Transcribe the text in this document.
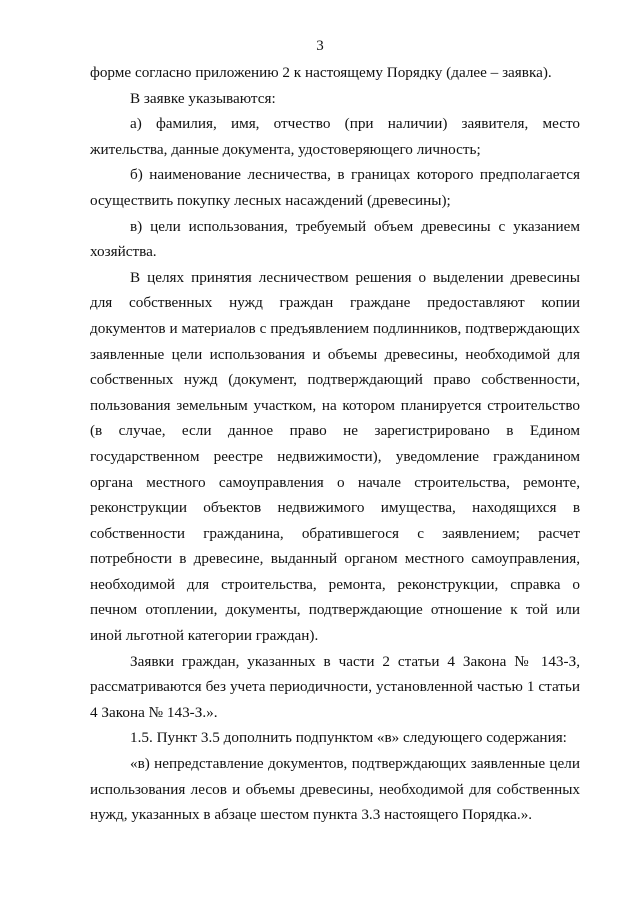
3

форме согласно приложению 2 к настоящему Порядку (далее – заявка).

В заявке указываются:

а) фамилия, имя, отчество (при наличии) заявителя, место жительства, данные документа, удостоверяющего личность;

б) наименование лесничества, в границах которого предполагается осуществить покупку лесных насаждений (древесины);

в) цели использования, требуемый объем древесины с указанием хозяйства.

В целях принятия лесничеством решения о выделении древесины для собственных нужд граждан граждане предоставляют копии документов и материалов с предъявлением подлинников, подтверждающих заявленные цели использования и объемы древесины, необходимой для собственных нужд (документ, подтверждающий право собственности, пользования земельным участком, на котором планируется строительство (в случае, если данное право не зарегистрировано в Едином государственном реестре недвижимости), уведомление гражданином органа местного самоуправления о начале строительства, ремонте, реконструкции объектов недвижимого имущества, находящихся в собственности гражданина, обратившегося с заявлением; расчет потребности в древесине, выданный органом местного самоуправления, необходимой для строительства, ремонта, реконструкции, справка о печном отоплении, документы, подтверждающие отношение к той или иной льготной категории граждан).

Заявки граждан, указанных в части 2 статьи 4 Закона № 143-З, рассматриваются без учета периодичности, установленной частью 1 статьи 4 Закона № 143-З.».

1.5. Пункт 3.5 дополнить подпунктом «в» следующего содержания:

«в) непредставление документов, подтверждающих заявленные цели использования лесов и объемы древесины, необходимой для собственных нужд, указанных в абзаце шестом пункта 3.3 настоящего Порядка.».
